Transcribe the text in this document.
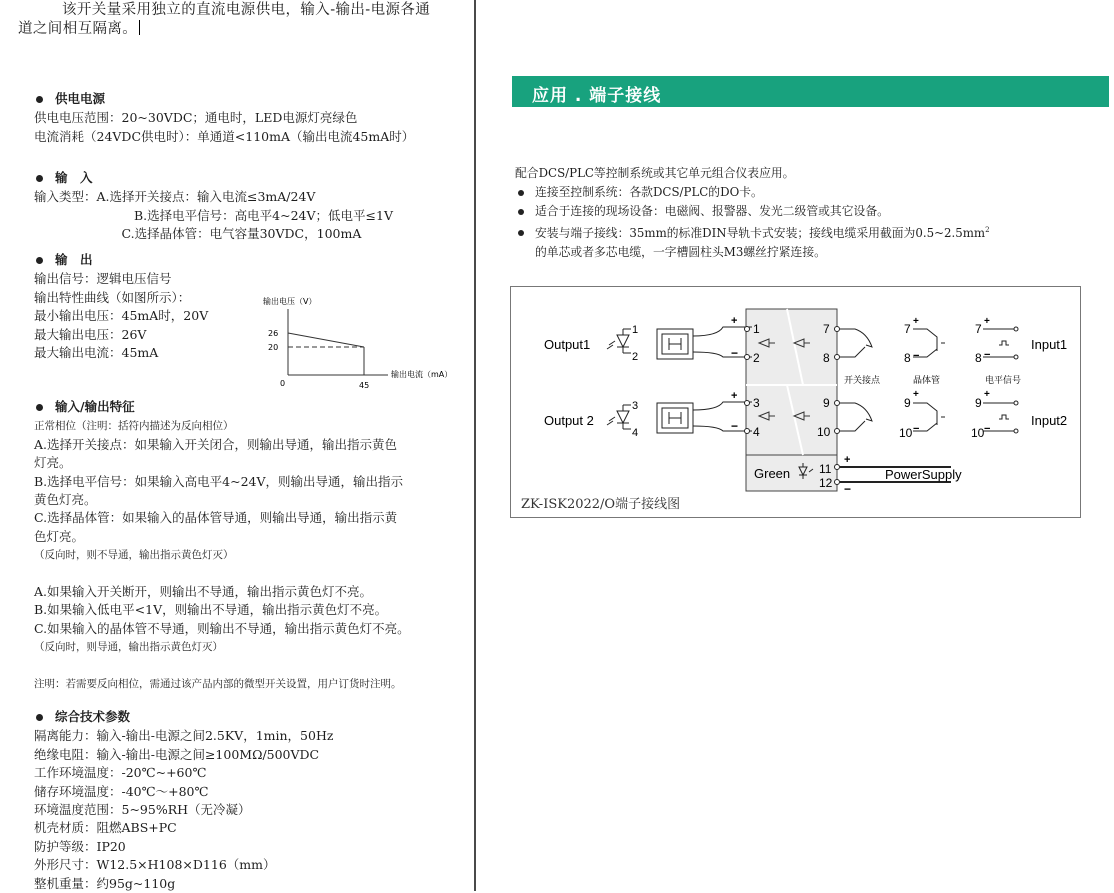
该开关量采用独立的直流电源供电，输入-输出-电源各通
道之间相互隔离。
供电电源
供电电压范围：20~30VDC；通电时，LED电源灯亮绿色
电流消耗（24VDC供电时）：单通道<110mA（输出电流45mA时）
输　入
输入类型：A.选择开关接点：输入电流≤3mA/24V
　　　　　　　　B.选择电平信号：高电平4~24V；低电平≤1V
　　　　　　　C.选择晶体管：电气容量30VDC，100mA
输　出
输出信号：逻辑电压信号
输出特性曲线（如图所示）：
最小输出电压：45mA时，20V
最大输出电压：26V
最大输出电流：45mA
输出电压（V）
26
20
0	45
输出电流（mA）
输入/输出特征
正常相位（注明：括符内描述为反向相位）
A.选择开关接点：如果输入开关闭合，则输出导通，输出指示黄色
灯亮。
B.选择电平信号：如果输入高电平4~24V，则输出导通，输出指示
黄色灯亮。
C.选择晶体管：如果输入的晶体管导通，则输出导通，输出指示黄
色灯亮。
（反向时，则不导通，输出指示黄色灯灭）

A.如果输入开关断开，则输出不导通，输出指示黄色灯不亮。
B.如果输入低电平<1V，则输出不导通，输出指示黄色灯不亮。
C.如果输入的晶体管不导通，则输出不导通，输出指示黄色灯不亮。
（反向时，则导通，输出指示黄色灯灭）

注明：若需要反向相位，需通过该产品内部的微型开关设置，用户订货时注明。
综合技术参数
隔离能力：输入-输出-电源之间2.5KV，1min，50Hz
绝缘电阻：输入-输出-电源之间≥100MΩ/500VDC
工作环境温度：-20℃~+60℃
储存环境温度：-40℃～+80℃
环境温度范围：5~95%RH（无冷凝）
机壳材质：阻燃ABS+PC
防护等级：IP20
外形尺寸：W12.5×H108×D116（mm）
整机重量：约95g~110g
应用 . 端子接线
配合DCS/PLC等控制系统或其它单元组合仪表应用。
连接至控制系统：各款DCS/PLC的DO卡。
适合于连接的现场设备：电磁阀、报警器、发光二级管或其它设备。
安装与端子接线：35mm的标准DIN导轨卡式安装；接线电缆采用截面为$0.5\sim 2.5mm^2$
的单芯或者多芯电缆，一字槽圆柱头M3螺丝拧紧连接。
Output1
1
2
+
−
1
2
Output 2
3
4
+
−
3
4
7
8
9
10
开关接点
7
8
9
10
+
+
−
−
晶体管
7
8
9
10
+
+
−
−
电平信号
Input1
Input2
Green 11
12
+
−
PowerSupply
ZK-ISK2022/O端子接线图
